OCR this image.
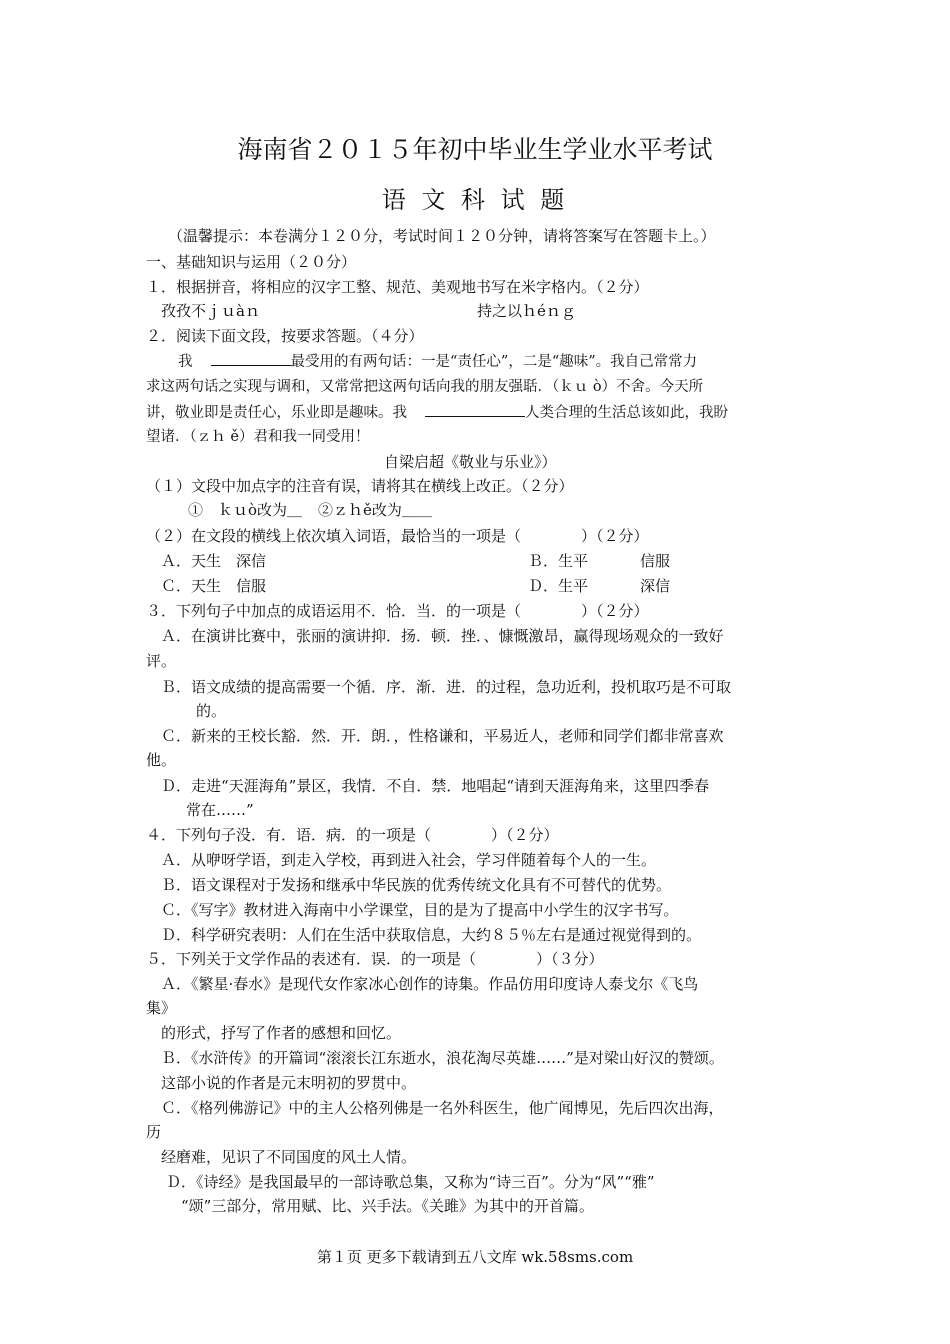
海南省２０１５年初中毕业生学业水平考试
语 文 科 试 题
（温馨提示：本卷满分１２０分，考试时间１２０分钟，请将答案写在答题卡上。）
一、基础知识与运用（２０分）
１．根据拼音，将相应的汉字工整、规范、美观地书写在米字格内。（２分）
孜孜不ｊｕàｎ	持之以ｈéｎｇ
２．阅读下面文段，按要求答题。（４分）
我	最受用的有两句话：一是“责任心”，二是“趣味”。我自己常常力
求这两句话之实现与调和，又常常把这两句话向我的朋友强聒．（ｋｕ ò）不舍。今天所
讲，敬业即是责任心，乐业即是趣味。我	人类合理的生活总该如此，我盼
望诸．（ｚｈ ě）君和我一同受用！
自梁启超《敬业与乐业》）
（１）文段中加点字的注音有误，请将其在横线上改正。（２分）
①　ｋｕò改为＿ ②ｚｈě改为＿＿
（２）在文段的横线上依次填入词语，最恰当的一项是（　　　　）（２分）
Ａ．天生　深信	Ｂ．生平	信服
Ｃ．天生　信服	Ｄ．生平	深信
３．下列句子中加点的成语运用不．恰．当．的一项是（　　　　）（２分）
Ａ．在演讲比赛中，张丽的演讲抑．扬．顿．挫．、慷慨激昂，赢得现场观众的一致好
评。
Ｂ．语文成绩的提高需要一个循．序．渐．进．的过程，急功近利，投机取巧是不可取
的。
Ｃ．新来的王校长豁．然．开．朗．，性格谦和，平易近人，老师和同学们都非常喜欢
他。
Ｄ．走进“天涯海角”景区，我情．不自．禁．地唱起“请到天涯海角来，这里四季春
常在……”
４．下列句子没．有．语．病．的一项是（　　　　）（２分）
Ａ．从咿呀学语，到走入学校，再到进入社会，学习伴随着每个人的一生。
Ｂ．语文课程对于发扬和继承中华民族的优秀传统文化具有不可替代的优势。
Ｃ．《写字》教材进入海南中小学课堂，目的是为了提高中小学生的汉字书写。
Ｄ．科学研究表明：人们在生活中获取信息，大约８５％左右是通过视觉得到的。
５．下列关于文学作品的表述有．误．的一项是（　　　　）（３分）
Ａ．《繁星·春水》是现代女作家冰心创作的诗集。作品仿用印度诗人泰戈尔《飞鸟
集》
的形式，抒写了作者的感想和回忆。
Ｂ．《水浒传》的开篇词“滚滚长江东逝水，浪花淘尽英雄……”是对梁山好汉的赞颂。
这部小说的作者是元末明初的罗贯中。
Ｃ．《格列佛游记》中的主人公格列佛是一名外科医生，他广闻博见，先后四次出海，
历
经磨难，见识了不同国度的风土人情。
Ｄ．《诗经》是我国最早的一部诗歌总集，又称为“诗三百”。分为“风”“雅”
“颂”三部分，常用赋、比、兴手法。《关雎》为其中的开首篇。
第１页 更多下载请到五八文库 wk.58sms.com
